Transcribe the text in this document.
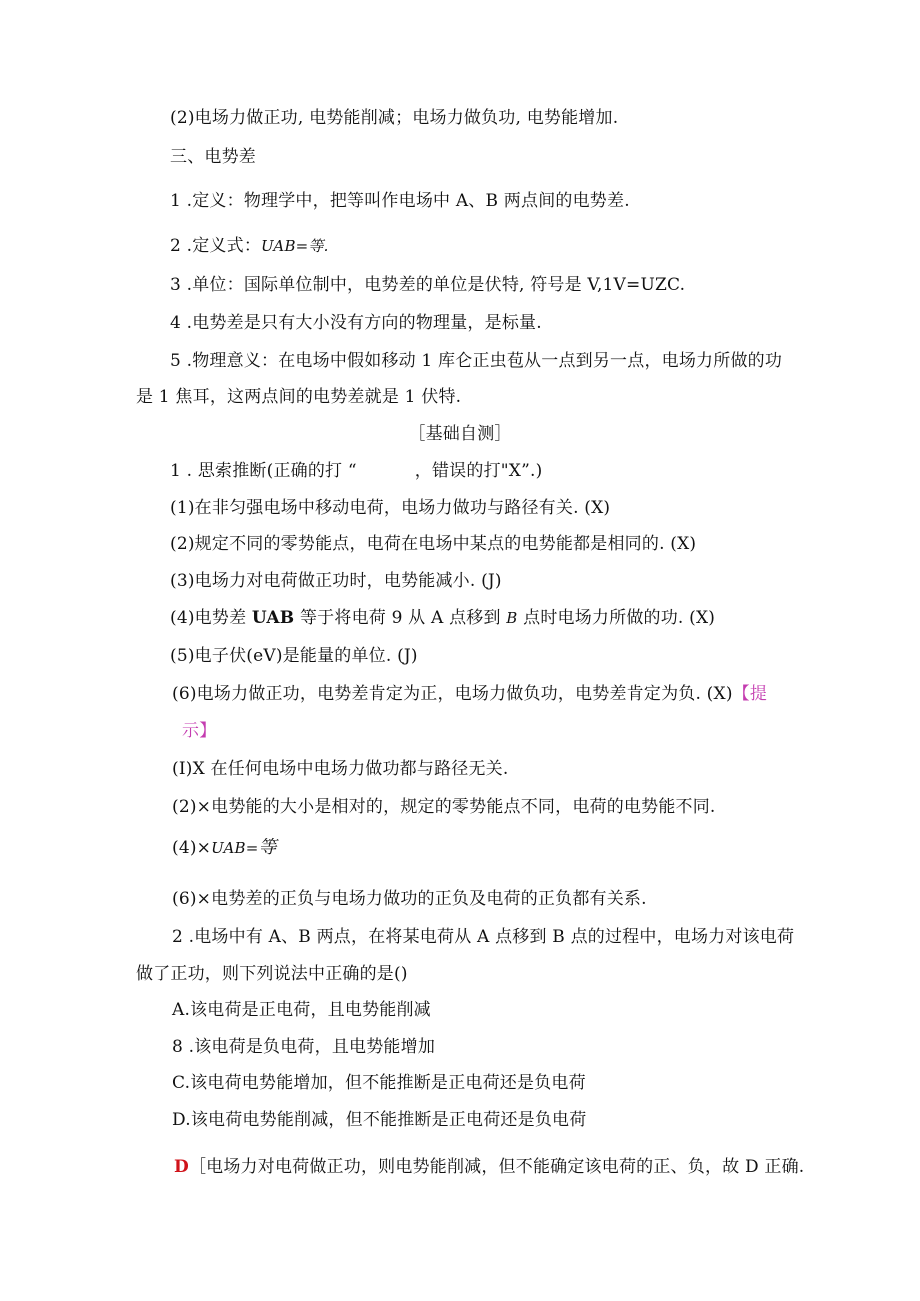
(2)电场力做正功, 电势能削减；电场力做负功, 电势能增加.
三、电势差
1 .定义：物理学中，把等叫作电场中 A、B 两点间的电势差.
2 .定义式：UAB=等.
3 .单位：国际单位制中，电势差的单位是伏特, 符号是 V,1V=UZC.
4 .电势差是只有大小没有方向的物理量，是标量.
5 .物理意义：在电场中假如移动 1 库仑正虫苞从一点到另一点，电场力所做的功
是 1 焦耳，这两点间的电势差就是 1 伏特.
［基础自测］
1 . 思索推断(正确的打 “	，错误的打"X”.)
(1)在非匀强电场中移动电荷，电场力做功与路径有关. (X)
(2)规定不同的零势能点，电荷在电场中某点的电势能都是相同的. (X)
(3)电场力对电荷做正功时，电势能减小. (J)
(4)电势差 UAB 等于将电荷 9 从 A 点移到 B 点时电场力所做的功. (X)
(5)电子伏(eV)是能量的单位. (J)
(6)电场力做正功，电势差肯定为正，电场力做负功，电势差肯定为负. (X)【提
示】
(I)X 在任何电场中电场力做功都与路径无关.
(2)×电势能的大小是相对的，规定的零势能点不同，电荷的电势能不同.
(4)×UAB=等
(6)×电势差的正负与电场力做功的正负及电荷的正负都有关系.
2 .电场中有 A、B 两点，在将某电荷从 A 点移到 B 点的过程中，电场力对该电荷
做了正功，则下列说法中正确的是()
A.该电荷是正电荷，且电势能削减
8 .该电荷是负电荷，且电势能增加
C.该电荷电势能增加，但不能推断是正电荷还是负电荷
D.该电荷电势能削减，但不能推断是正电荷还是负电荷
D［电场力对电荷做正功，则电势能削减，但不能确定该电荷的正、负，故 D 正确.
